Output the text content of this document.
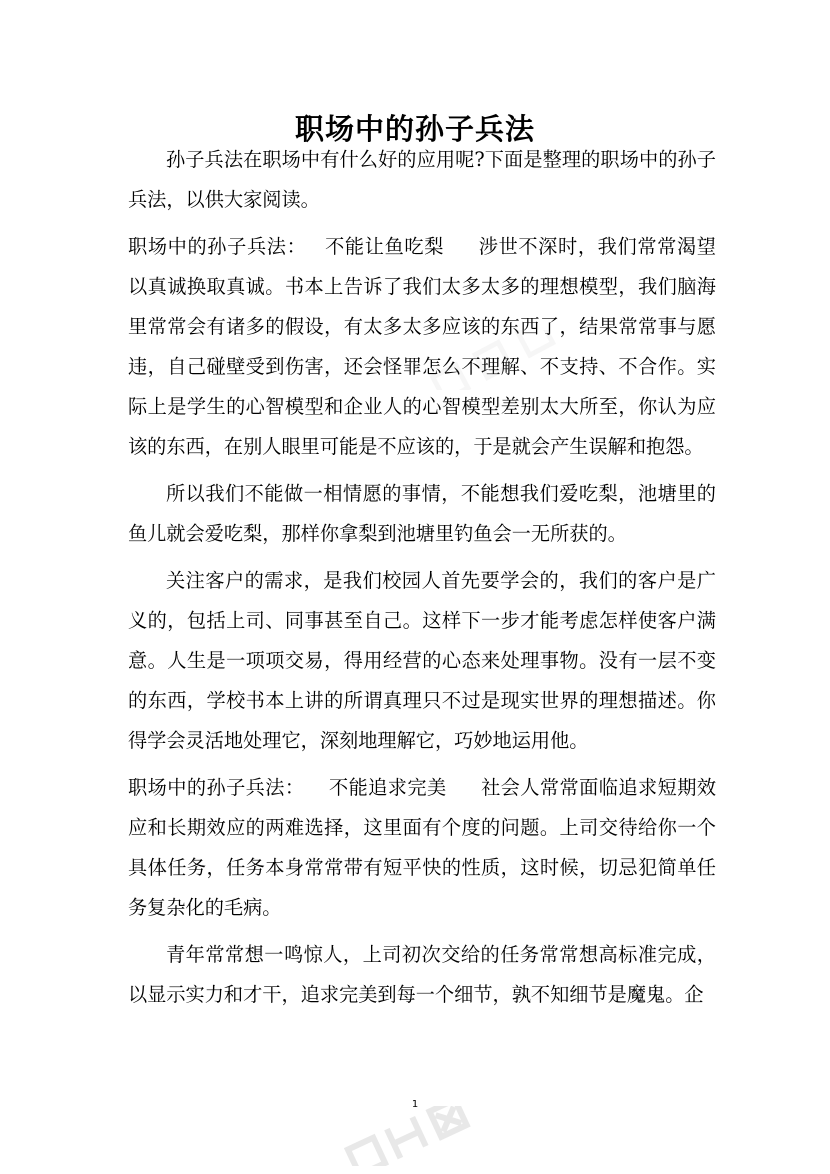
职场中的孙子兵法

孙子兵法在职场中有什么好的应用呢?下面是整理的职场中的孙子兵法，以供大家阅读。

职场中的孙子兵法： 不能让鱼吃梨 涉世不深时，我们常常渴望以真诚换取真诚。书本上告诉了我们太多太多的理想模型，我们脑海里常常会有诸多的假设，有太多太多应该的东西了，结果常常事与愿违，自己碰壁受到伤害，还会怪罪怎么不理解、不支持、不合作。实际上是学生的心智模型和企业人的心智模型差别太大所至，你认为应该的东西，在别人眼里可能是不应该的，于是就会产生误解和抱怨。

所以我们不能做一相情愿的事情，不能想我们爱吃梨，池塘里的鱼儿就会爱吃梨，那样你拿梨到池塘里钓鱼会一无所获的。

关注客户的需求，是我们校园人首先要学会的，我们的客户是广义的，包括上司、同事甚至自己。这样下一步才能考虑怎样使客户满意。人生是一项项交易，得用经营的心态来处理事物。没有一层不变的东西，学校书本上讲的所谓真理只不过是现实世界的理想描述。你得学会灵活地处理它，深刻地理解它，巧妙地运用他。

职场中的孙子兵法： 不能追求完美 社会人常常面临追求短期效应和长期效应的两难选择，这里面有个度的问题。上司交待给你一个具体任务，任务本身常常带有短平快的性质，这时候，切忌犯简单任务复杂化的毛病。

青年常常想一鸣惊人，上司初次交给的任务常常想高标准完成，以显示实力和才干，追求完美到每一个细节，孰不知细节是魔鬼。企

1
